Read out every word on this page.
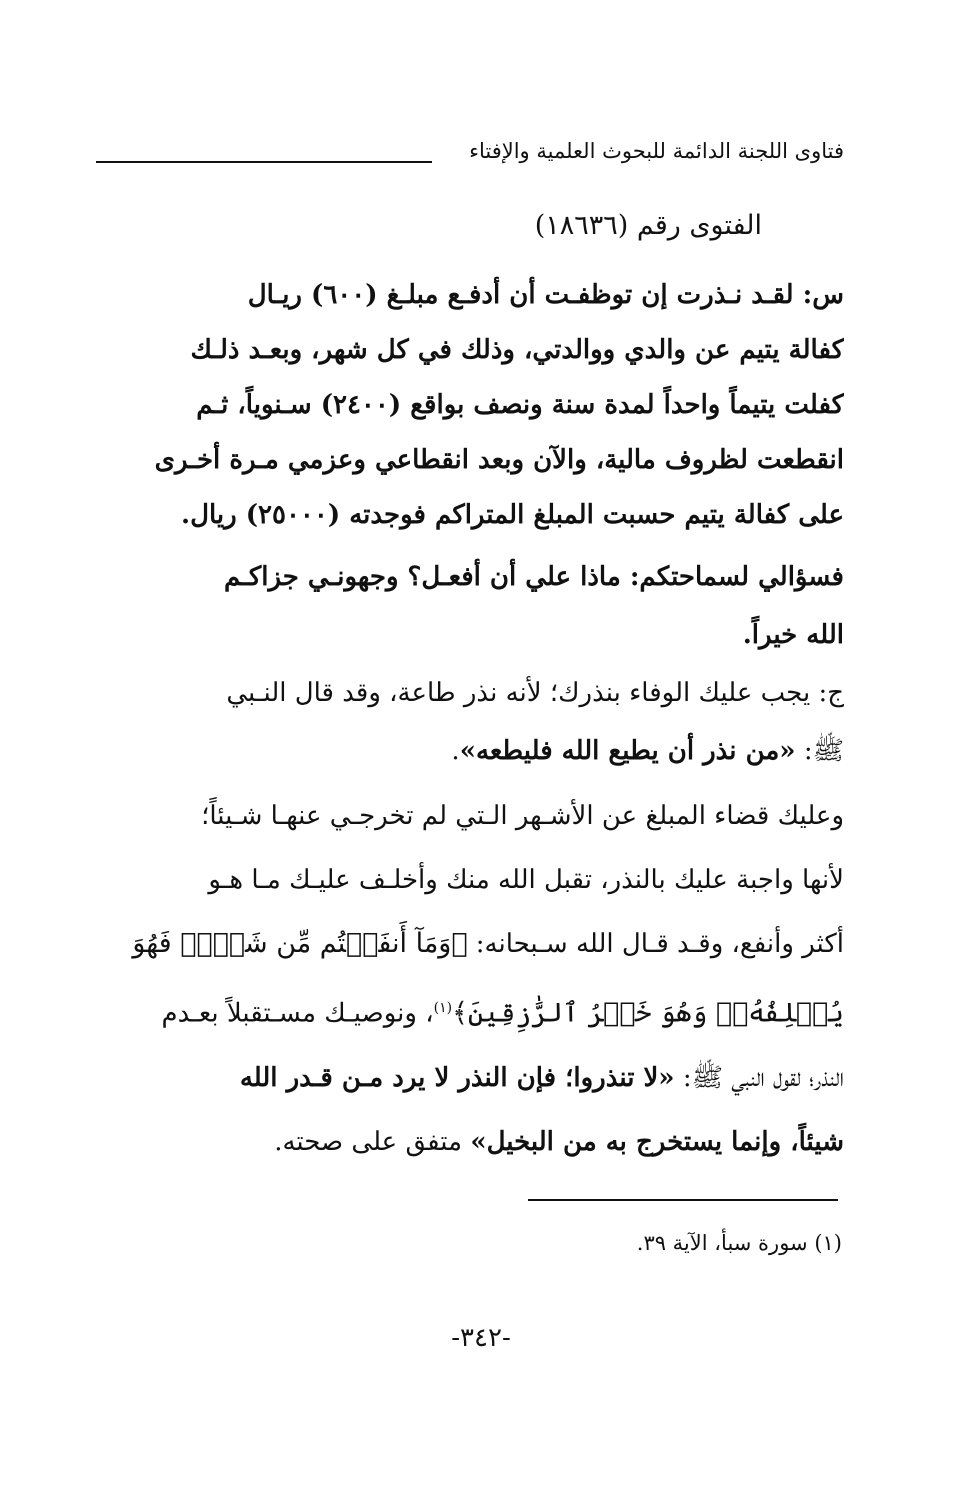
فتاوى اللجنة الدائمة للبحوث العلمية والإفتاء
الفتوى رقم (١٨٦٣٦)
س: لقـد نـذرت إن توظفـت أن أدفـع مبلـغ (٦٠٠) ريـال
كفالة يتيم عن والدي ووالدتي، وذلك في كل شهر، وبعـد ذلـك
كفلت يتيماً واحداً لمدة سنة ونصف بواقع (٢٤٠٠) سـنوياً، ثـم
انقطعت لظروف مالية، والآن وبعد انقطاعي وعزمي مـرة أخـرى
على كفالة يتيم حسبت المبلغ المتراكم فوجدته (٢٥٠٠٠) ريال.
فسؤالي لسماحتكم: ماذا علي أن أفعـل؟ وجهونـي جزاكـم
الله خيراً.
ج: يجب عليك الوفاء بنذرك؛ لأنه نذر طاعة، وقد قال النـبي
ﷺ: «من نذر أن يطيع الله فليطعه».
وعليك قضاء المبلغ عن الأشـهر الـتي لم تخرجـي عنهـا شـيئاً؛
لأنها واجبة عليك بالنذر، تقبل الله منك وأخلـف عليـك مـا هـو
أكثر وأنفع، وقـد قـال الله سـبحانه: ﴿وَمَآ أَنفَقۡتُم مِّن شَيۡءٖ فَهُوَ
يُخۡلِفُهُۥۖ وَهُوَ خَيۡرُ ٱلرَّٰزِقِينَ﴾$^{(١)}$، ونوصيـك مسـتقبلاً بعـدم
النذر؛ لقول النبي ﷺ: «لا تنذروا؛ فإن النذر لا يرد مـن قـدر الله
شيئاً، وإنما يستخرج به من البخيل» متفق على صحته.
(١) سورة سبأ، الآية ٣٩.
-٣٤٢-
